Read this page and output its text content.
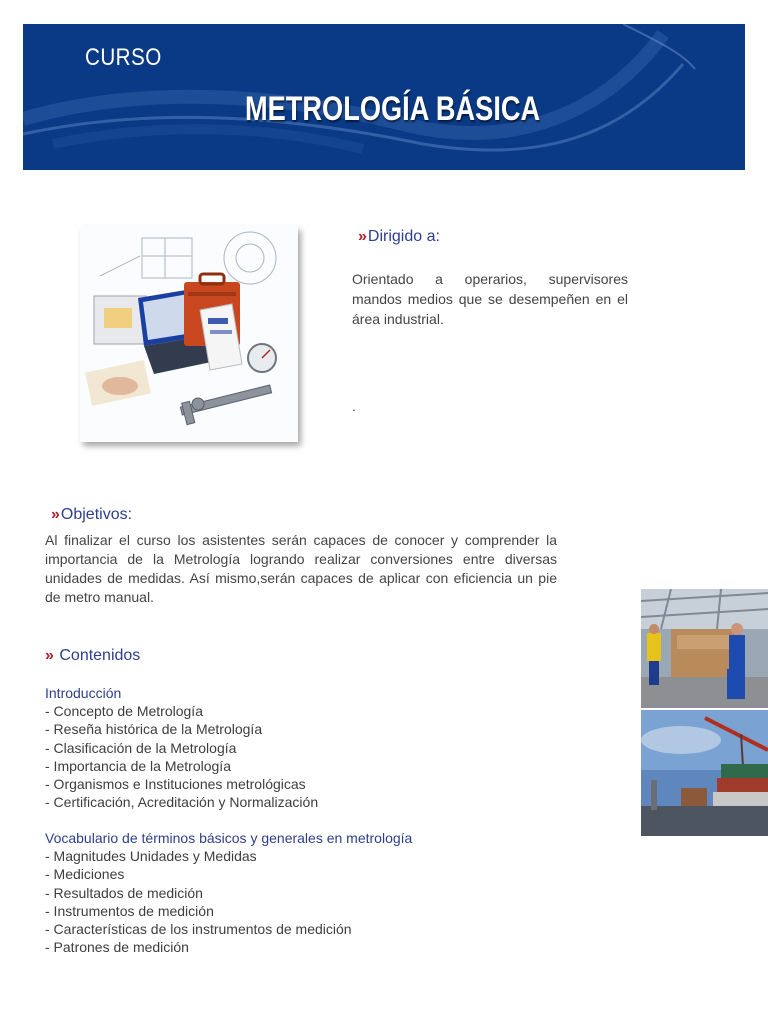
CURSO
METROLOGÍA BÁSICA
» Dirigido a:
Orientado a operarios, supervisores mandos medios que se desempeñen en el área industrial.
.
» Objetivos:
Al finalizar el curso los asistentes serán capaces de conocer y comprender la importancia de la Metrología logrando realizar conversiones entre diversas unidades de medidas. Así mismo,serán capaces de aplicar con eficiencia un pie de metro manual.
» Contenidos
Introducción
- Concepto de Metrología
- Reseña histórica de la Metrología
- Clasificación de la Metrología
- Importancia de la Metrología
- Organismos e Instituciones metrológicas
- Certificación, Acreditación y Normalización
Vocabulario de términos básicos y generales en metrología
- Magnitudes Unidades y Medidas
- Mediciones
- Resultados de medición
- Instrumentos de medición
- Características de los instrumentos de medición
- Patrones de medición
